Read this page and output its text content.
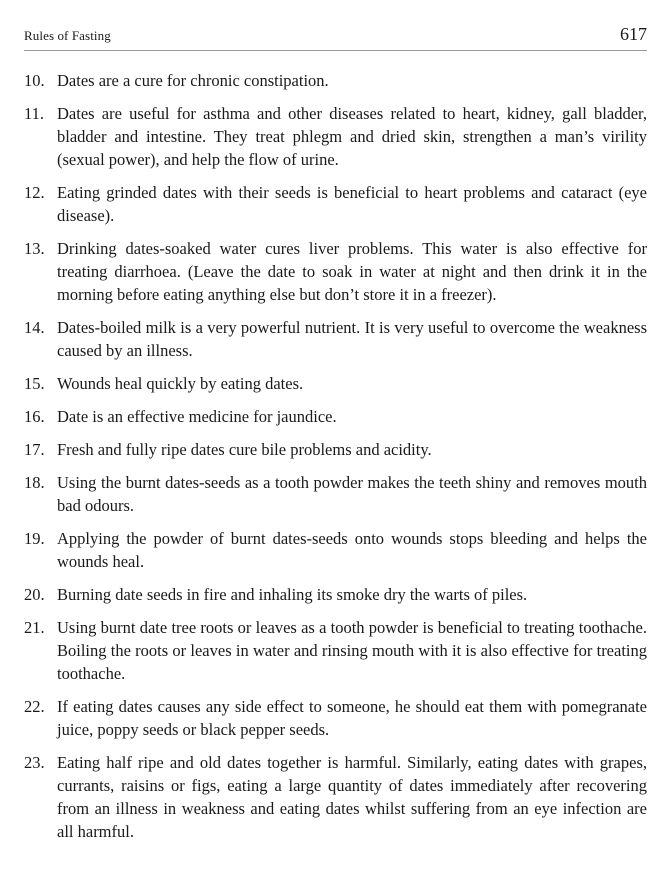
Rules of Fasting	617
10. Dates are a cure for chronic constipation.
11. Dates are useful for asthma and other diseases related to heart, kidney, gall bladder, bladder and intestine. They treat phlegm and dried skin, strengthen a man’s virility (sexual power), and help the flow of urine.
12. Eating grinded dates with their seeds is beneficial to heart problems and cataract (eye disease).
13. Drinking dates-soaked water cures liver problems. This water is also effective for treating diarrhoea. (Leave the date to soak in water at night and then drink it in the morning before eating anything else but don’t store it in a freezer).
14. Dates-boiled milk is a very powerful nutrient. It is very useful to overcome the weakness caused by an illness.
15. Wounds heal quickly by eating dates.
16. Date is an effective medicine for jaundice.
17. Fresh and fully ripe dates cure bile problems and acidity.
18. Using the burnt dates-seeds as a tooth powder makes the teeth shiny and removes mouth bad odours.
19. Applying the powder of burnt dates-seeds onto wounds stops bleeding and helps the wounds heal.
20. Burning date seeds in fire and inhaling its smoke dry the warts of piles.
21. Using burnt date tree roots or leaves as a tooth powder is beneficial to treating toothache. Boiling the roots or leaves in water and rinsing mouth with it is also effective for treating toothache.
22. If eating dates causes any side effect to someone, he should eat them with pomegranate juice, poppy seeds or black pepper seeds.
23. Eating half ripe and old dates together is harmful. Similarly, eating dates with grapes, currants, raisins or figs, eating a large quantity of dates immediately after recovering from an illness in weakness and eating dates whilst suffering from an eye infection are all harmful.
